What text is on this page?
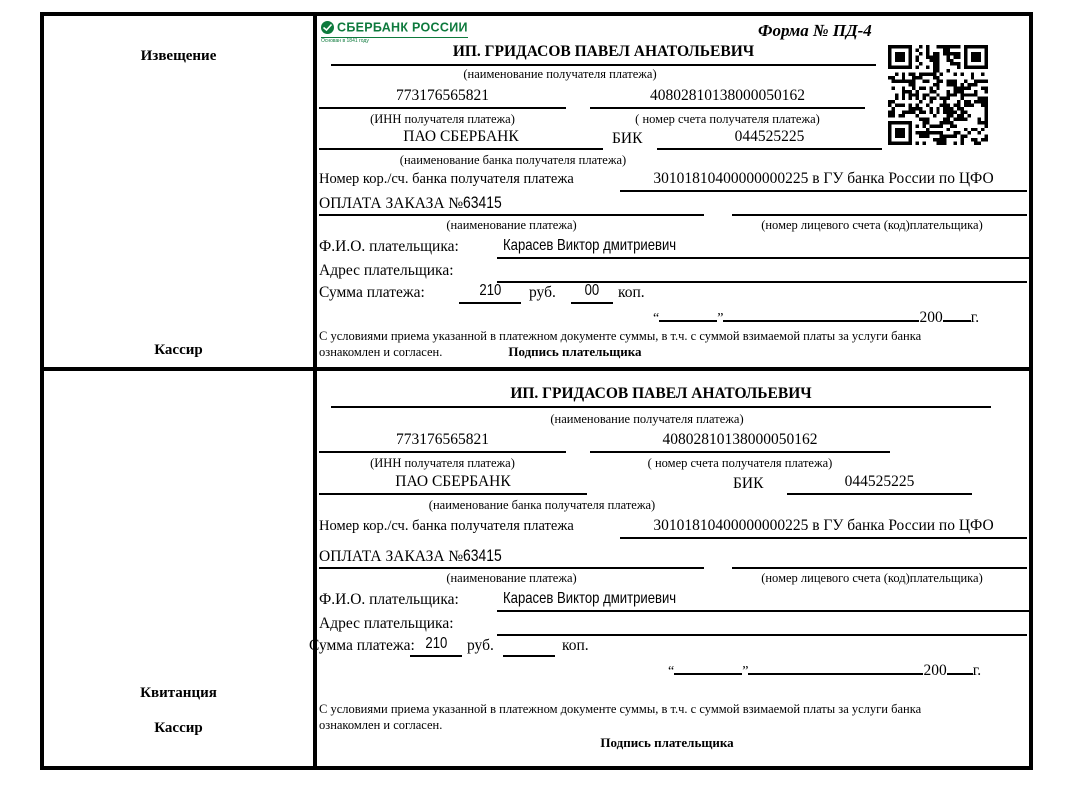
Извещение
Кассир
СБЕРБАНК РОССИИ
Основан в 1841 году
Форма № ПД-4
ИП. ГРИДАСОВ ПАВЕЛ АНАТОЛЬЕВИЧ
(наименование получателя платежа)
773176565821	40802810138000050162
(ИНН получателя платежа)	( номер счета получателя платежа)
ПАО СБЕРБАНК	БИК	044525225
(наименование банка получателя платежа)
Номер кор./сч. банка получателя платежа	30101810400000000225 в ГУ банка России по ЦФО
ОПЛАТА ЗАКАЗА №63415
(наименование платежа)	(номер лицевого счета (код)плательщика)
Ф.И.О. плательщика:	Карасев Виктор дмитриевич
Адрес плательщика:
Сумма платежа:	210	руб.	00	коп.
“	”	200 г.
С условиями приема указанной в платежном документе суммы, в т.ч. с суммой взимаемой платы за услуги банка
ознакомлен и согласен.	Подпись плательщика
Квитанция
Кассир
ИП. ГРИДАСОВ ПАВЕЛ АНАТОЛЬЕВИЧ
(наименование получателя платежа)
773176565821	40802810138000050162
(ИНН получателя платежа)	( номер счета получателя платежа)
ПАО СБЕРБАНК	БИК	044525225
(наименование банка получателя платежа)
Номер кор./сч. банка получателя платежа	30101810400000000225 в ГУ банка России по ЦФО
ОПЛАТА ЗАКАЗА №63415
(наименование платежа)	(номер лицевого счета (код)плательщика)
Ф.И.О. плательщика:	Карасев Виктор дмитриевич
Адрес плательщика:
Сумма платежа: 210	руб.	коп.
“	”	200 г.
С условиями приема указанной в платежном документе суммы, в т.ч. с суммой взимаемой платы за услуги банка
ознакомлен и согласен.
Подпись плательщика
